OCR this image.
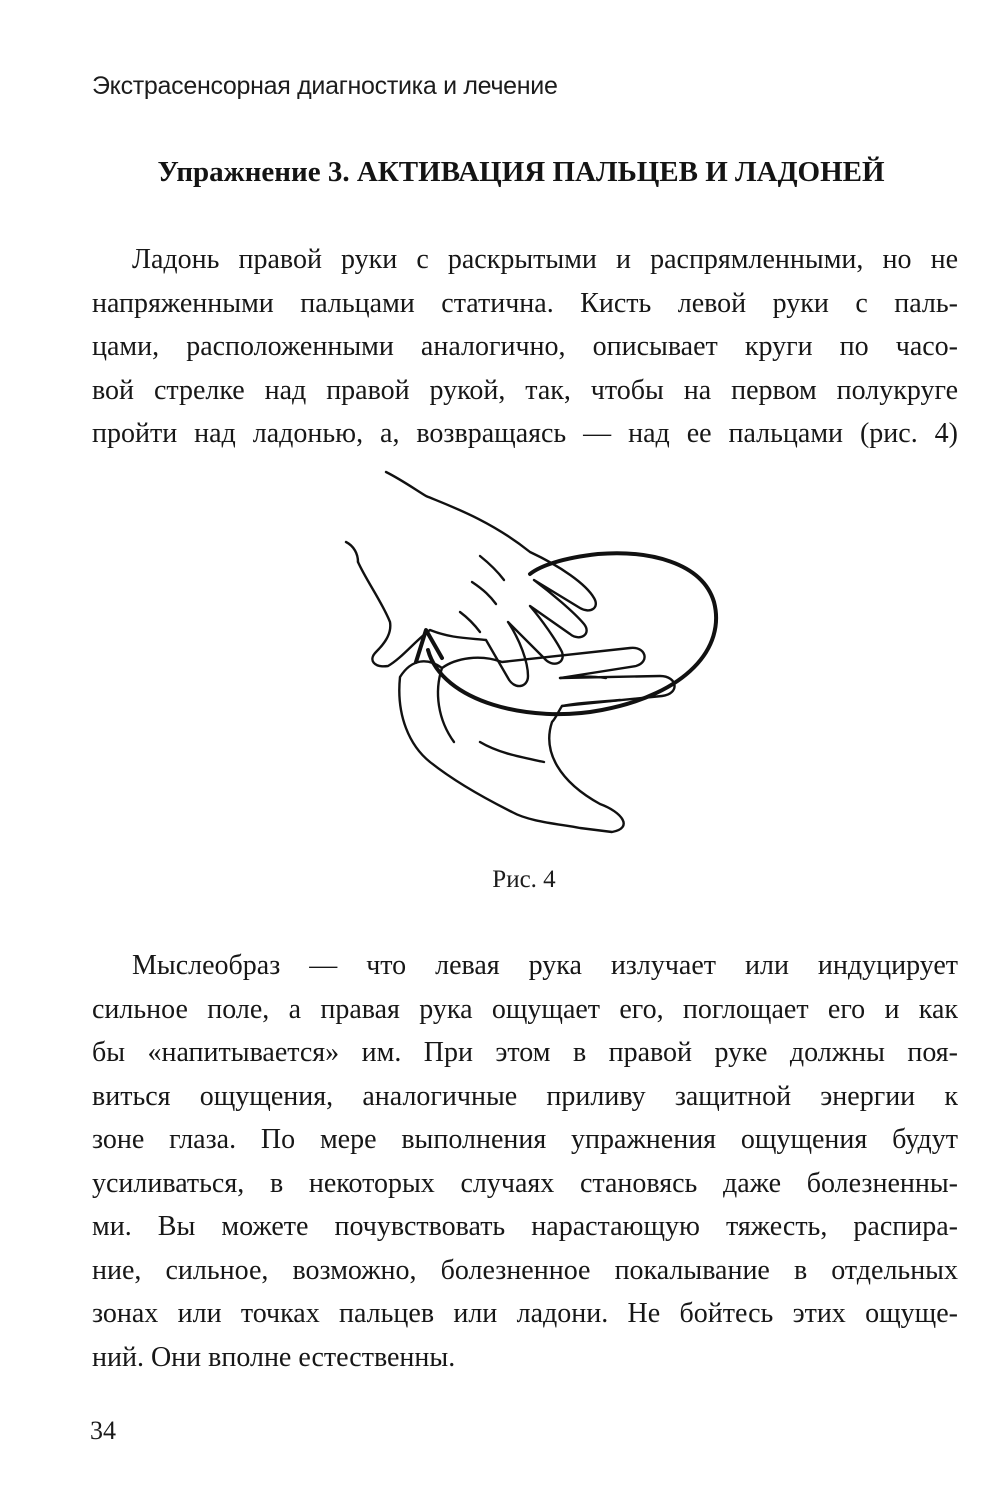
Экстрасенсорная диагностика и лечение
Упражнение 3. АКТИВАЦИЯ ПАЛЬЦЕВ И ЛАДОНЕЙ
Ладонь правой руки с раскрытыми и распрямленными, но не
напряженными пальцами статична. Кисть левой руки с паль-
цами, расположенными аналогично, описывает круги по часо-
вой стрелке над правой рукой, так, чтобы на первом полукруге
пройти над ладонью, а, возвращаясь — над ее пальцами (рис. 4)
Рис. 4
Мыслеобраз — что левая рука излучает или индуцирует
сильное поле, а правая рука ощущает его, поглощает его и как
бы «напитывается» им. При этом в правой руке должны поя-
виться ощущения, аналогичные приливу защитной энергии к
зоне глаза. По мере выполнения упражнения ощущения будут
усиливаться, в некоторых случаях становясь даже болезненны-
ми. Вы можете почувствовать нарастающую тяжесть, распира-
ние, сильное, возможно, болезненное покалывание в отдельных
зонах или точках пальцев или ладони. Не бойтесь этих ощуще-
ний. Они вполне естественны.
34
